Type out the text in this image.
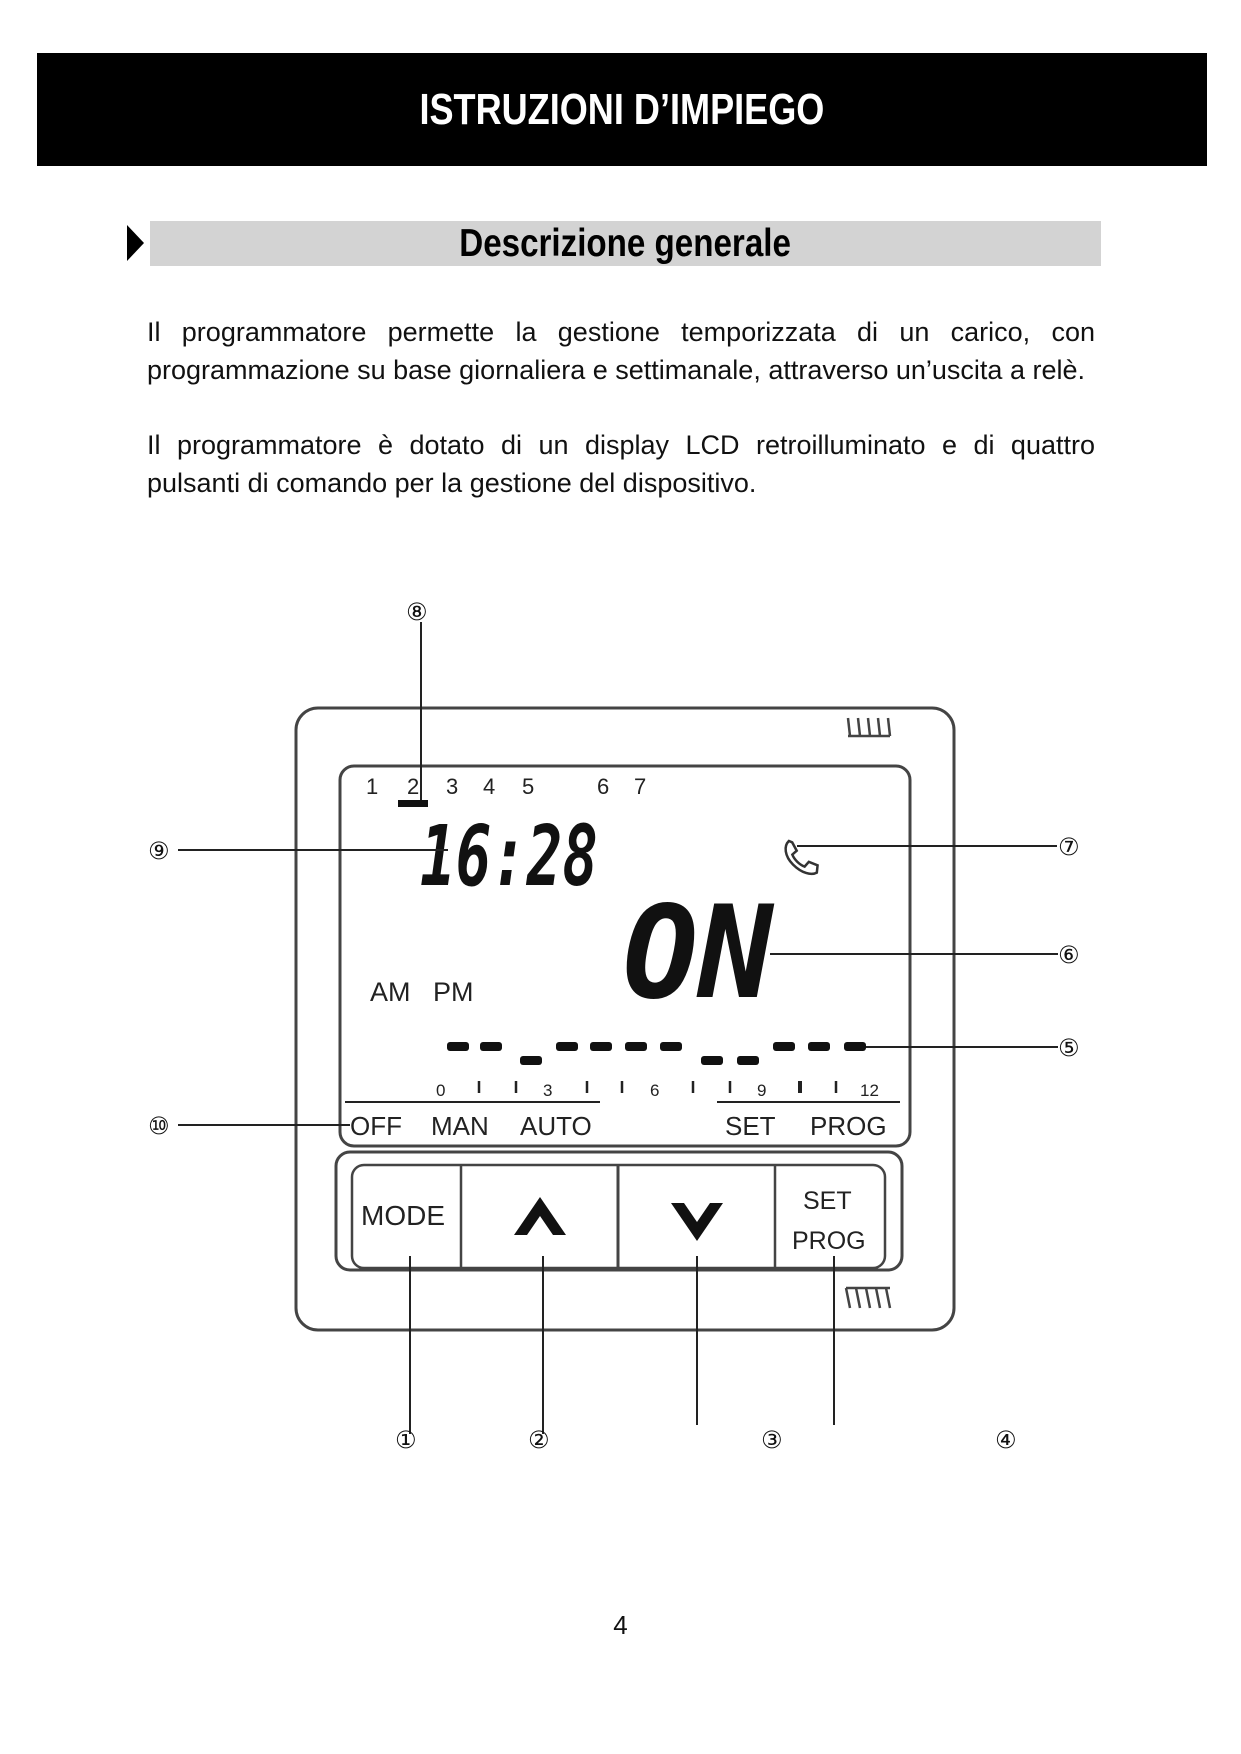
ISTRUZIONI D’IMPIEGO
Descrizione generale
Il programmatore permette la gestione temporizzata di un carico, con programmazione su base giornaliera e settimanale, attraverso un’uscita a relè.
Il programmatore è dotato di un display LCD retroilluminato e di quattro pulsanti di comando per la gestione del dispositivo.
1 2 3 4 5	6 7
16:28
ON
AM PM
0	3	6	9	12
OFF MAN AUTO	SET PROG
MODE	SET
PROG
①	②	③	④
⑤
⑥
⑦
⑧
⑨
⑩
4
